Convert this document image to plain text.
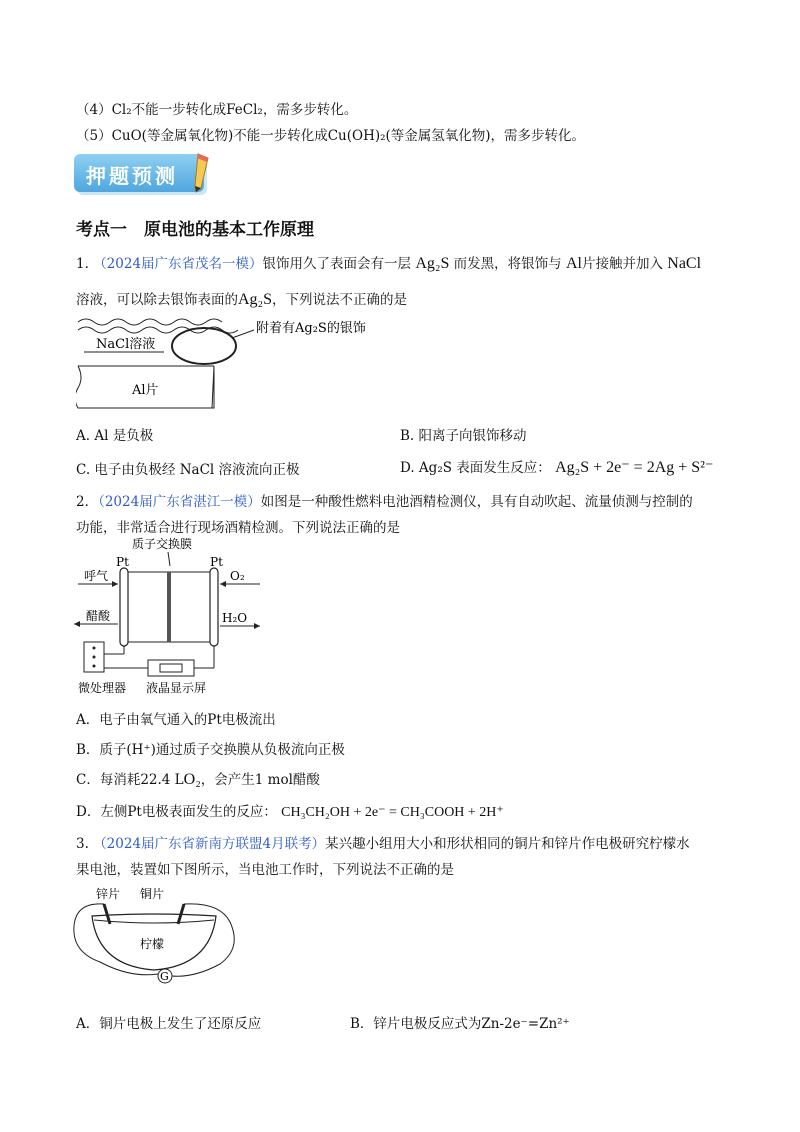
（4）Cl₂不能一步转化成FeCl₂，需多步转化。
（5）CuO(等金属氧化物)不能一步转化成Cu(OH)₂(等金属氢氧化物)，需多步转化。
押题预测
考点一　原电池的基本工作原理
1. （2024届广东省茂名一模）银饰用久了表面会有一层 Ag₂S 而发黑，将银饰与 Al片接触并加入 NaCl
溶液，可以除去银饰表面的Ag₂S，下列说法不正确的是
附着有Ag₂S的银饰
NaCl溶液
Al片
A. Al 是负极	B. 阳离子向银饰移动
C. 电子由负极经 NaCl 溶液流向正极	D. Ag₂S 表面发生反应： Ag₂S + 2e⁻ = 2Ag + S²⁻
2．（2024届广东省湛江一模）如图是一种酸性燃料电池酒精检测仪，具有自动吹起、流量侦测与控制的
功能，非常适合进行现场酒精检测。下列说法正确的是
质子交换膜
Pt	Pt
呼气	O₂
醋酸	H₂O
微处理器 液晶显示屏
A．电子由氧气通入的Pt电极流出
B．质子(H⁺)通过质子交换膜从负极流向正极
C．每消耗22.4 LO₂，会产生1 mol醋酸
D．左侧Pt电极表面发生的反应： CH₃CH₂OH + 2e⁻ = CH₃COOH + 2H⁺
3. （2024届广东省新南方联盟4月联考）某兴趣小组用大小和形状相同的铜片和锌片作电极研究柠檬水
果电池，装置如下图所示，当电池工作时，下列说法不正确的是
锌片 铜片
柠檬
G
A．铜片电极上发生了还原反应	B．锌片电极反应式为Zn-2e⁻=Zn²⁺
